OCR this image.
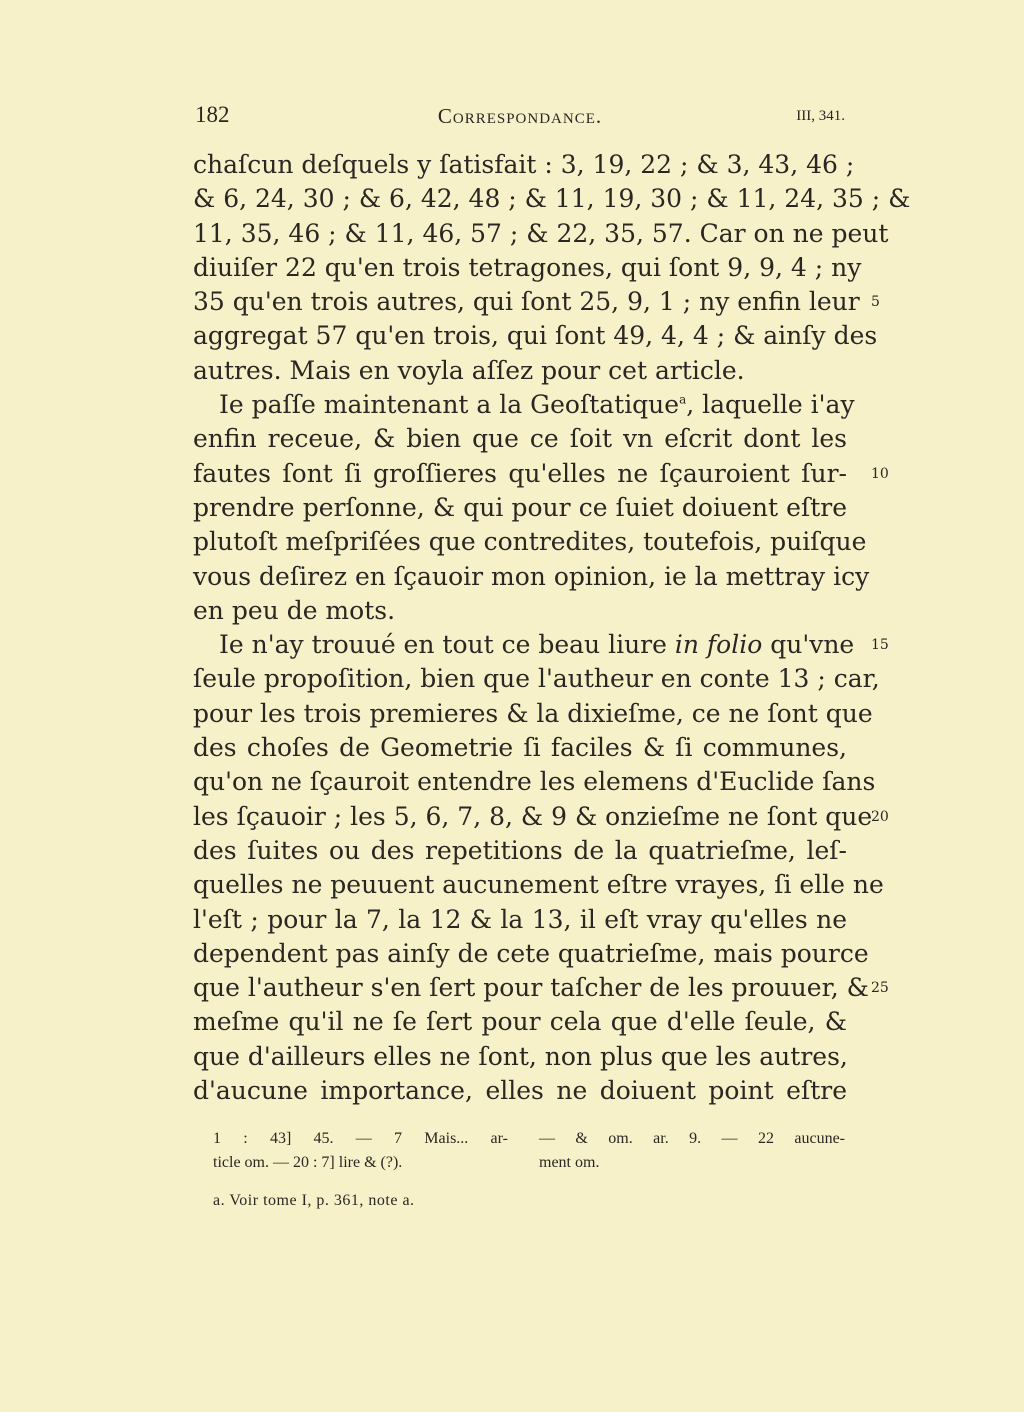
182	Correspondance.	III, 341.
chaſcun deſquels y ſatisfait : 3, 19, 22 ; & 3, 43, 46 ;
& 6, 24, 30 ; & 6, 42, 48 ; & 11, 19, 30 ; & 11, 24, 35 ; &
11, 35, 46 ; & 11, 46, 57 ; & 22, 35, 57. Car on ne peut
diuiſer 22 qu'en trois tetragones, qui ſont 9, 9, 4 ; ny
35 qu'en trois autres, qui ſont 25, 9, 1 ; ny enfin leur 5
aggregat 57 qu'en trois, qui ſont 49, 4, 4 ; & ainſy des
autres. Mais en voyla aſſez pour cet article.
Ie paſſe maintenant a la Geoſtatique$^a$, laquelle i'ay
enfin receue, & bien que ce ſoit vn eſcrit dont les
fautes ſont ſi groſſieres qu'elles ne ſçauroient ſur- 10
prendre perſonne, & qui pour ce ſuiet doiuent eſtre
plutoſt meſpriſées que contredites, toutefois, puiſque
vous deſirez en ſçauoir mon opinion, ie la mettray icy
en peu de mots.
Ie n'ay trouué en tout ce beau liure in folio qu'vne 15
ſeule propoſition, bien que l'autheur en conte 13 ; car,
pour les trois premieres & la dixieſme, ce ne ſont que
des choſes de Geometrie ſi faciles & ſi communes,
qu'on ne ſçauroit entendre les elemens d'Euclide ſans
les ſçauoir ; les 5, 6, 7, 8, & 9 & onzieſme ne ſont que
20
des ſuites ou des repetitions de la quatrieſme, leſ-
quelles ne peuuent aucunement eſtre vrayes, ſi elle ne
l'eſt ; pour la 7, la 12 & la 13, il eſt vray qu'elles ne
dependent pas ainſy de cete quatrieſme, mais pource
que l'autheur s'en ſert pour taſcher de les prouuer, & 25
meſme qu'il ne ſe ſert pour cela que d'elle ſeule, &
que d'ailleurs elles ne ſont, non plus que les autres,
d'aucune importance, elles ne doiuent point eſtre
1 : 43] 45. — 7 Mais... ar-
ticle om. — 20 : 7] lire & (?).
— & om. ar. 9. — 22 aucune-
ment om.
a. Voir tome I, p. 361, note a.
